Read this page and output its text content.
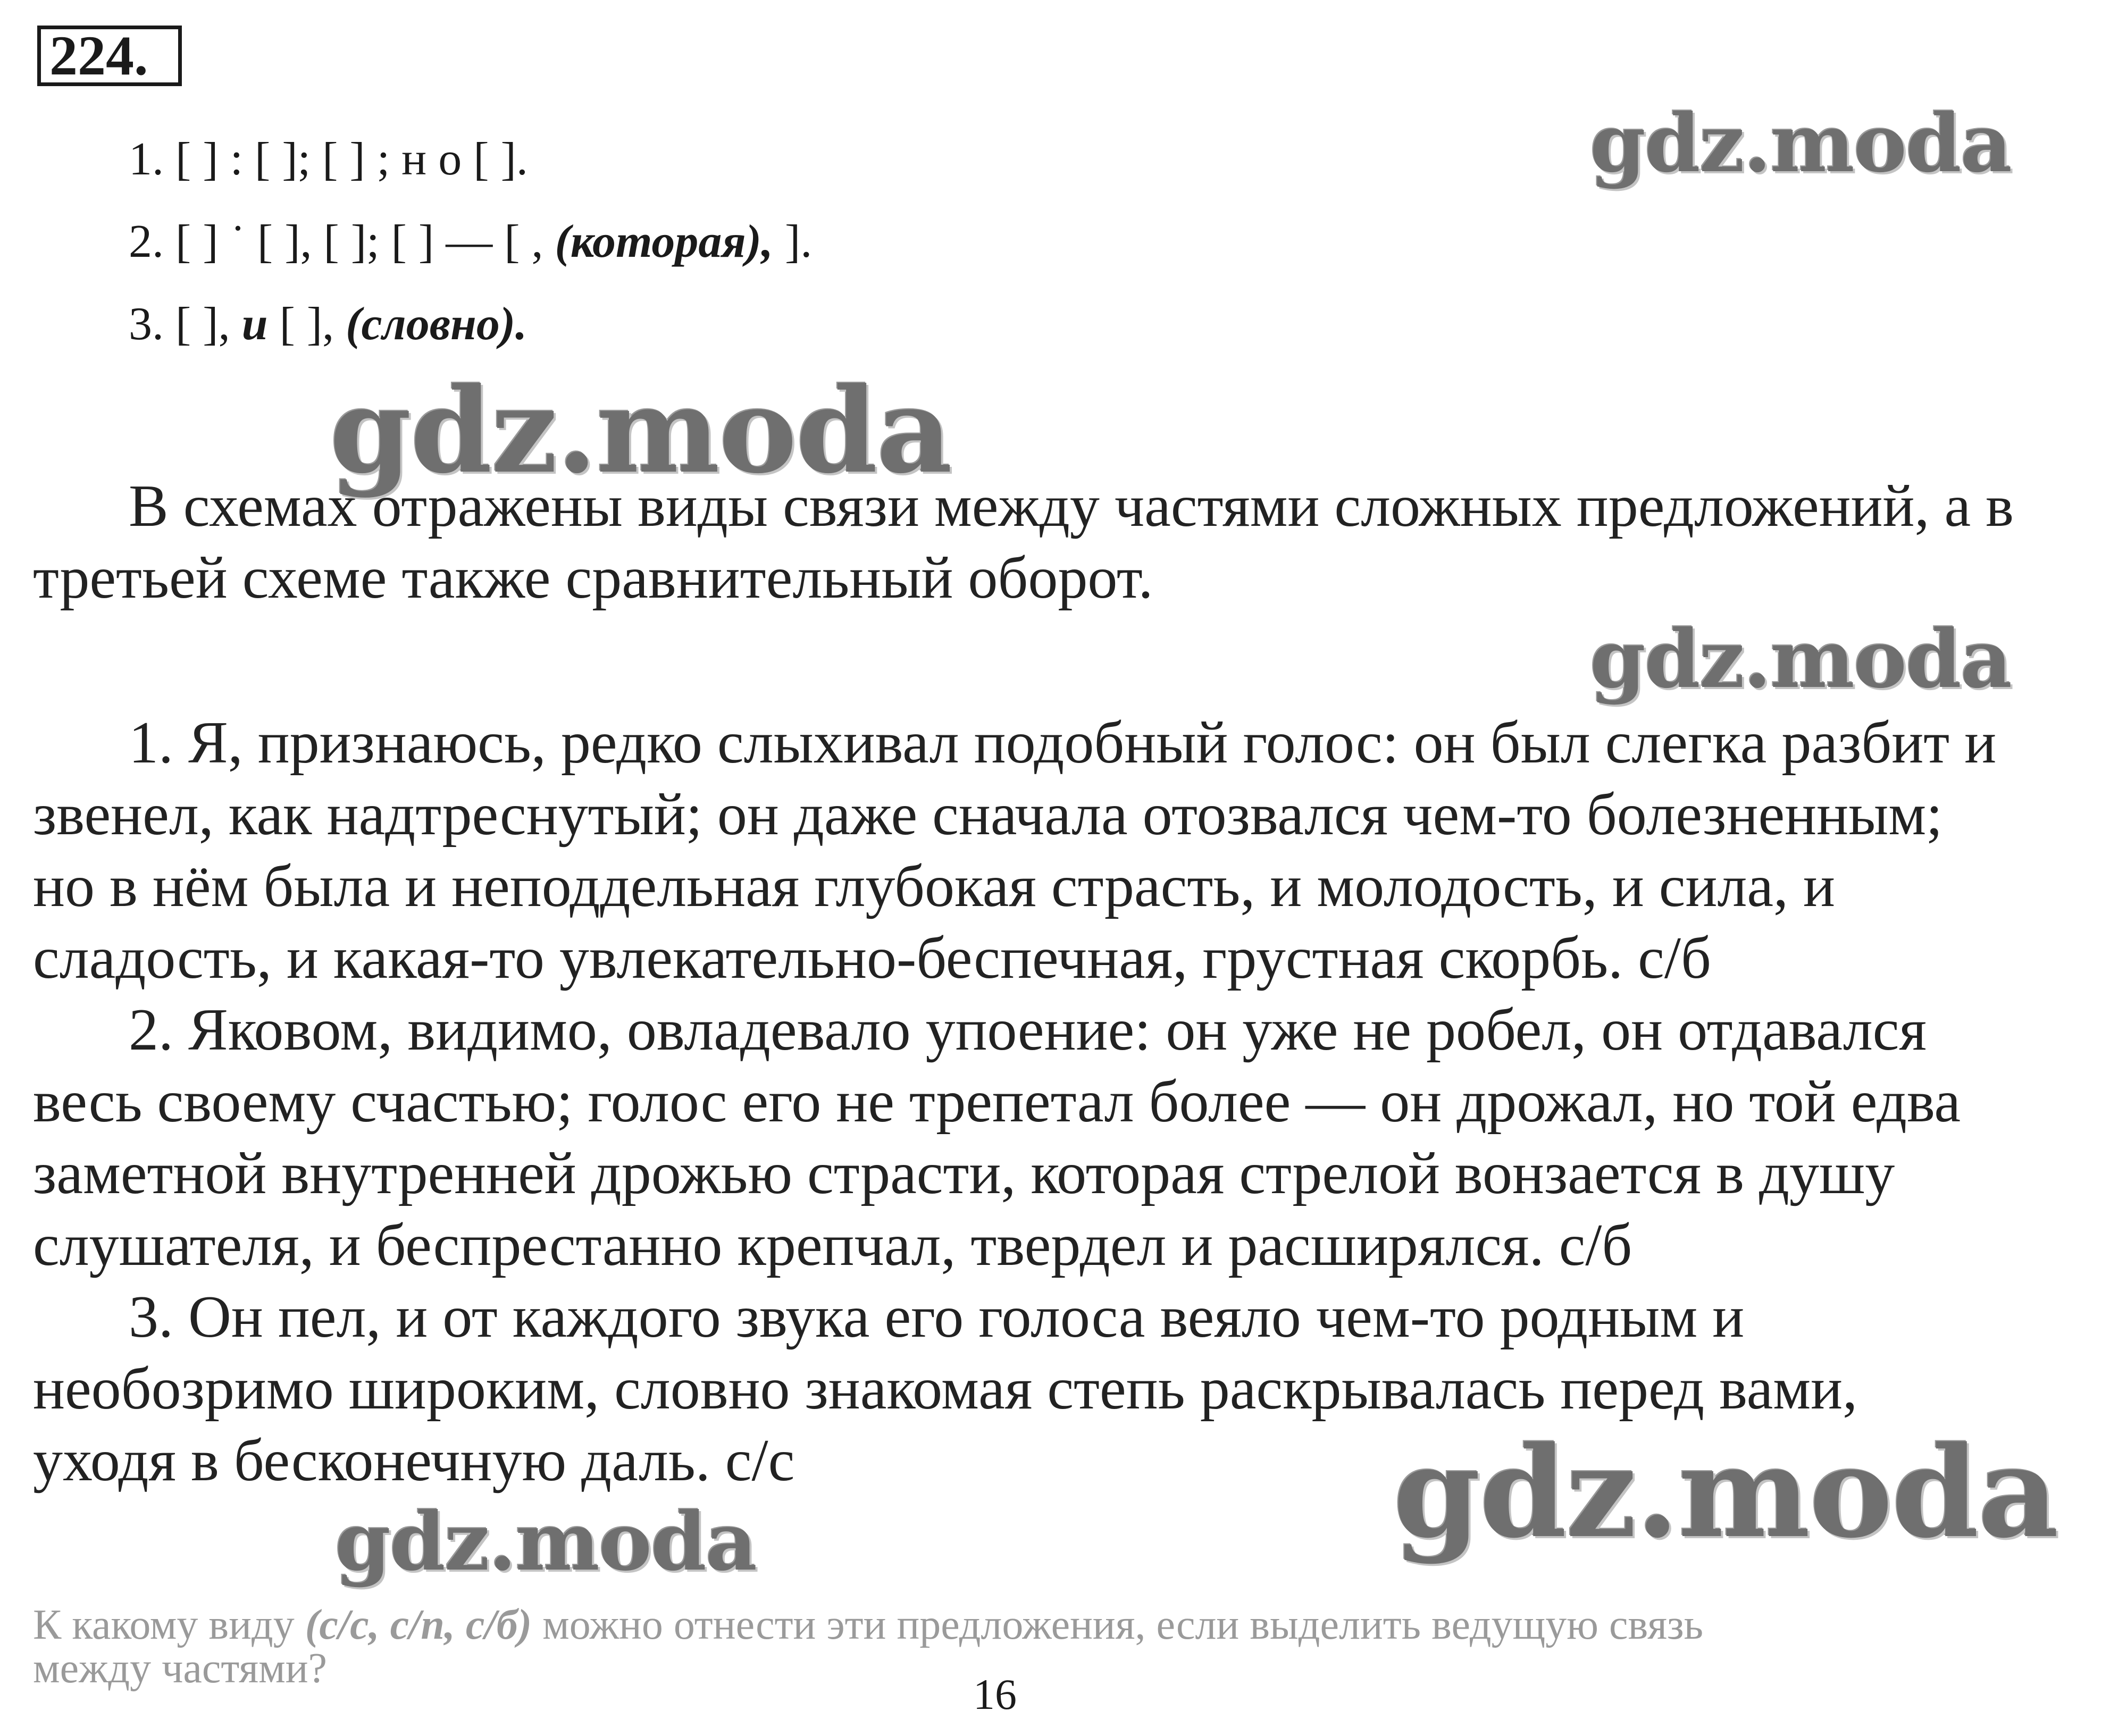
224.
1. [ ] : [ ]; [ ] ; н о [ ].
2. [ ] ˙ [ ], [ ]; [ ] — [ , (которая), ].
3. [ ], и [ ], (словно).
В схемах отражены виды связи между частями сложных предложений, а в
третьей схеме также сравнительный оборот.
1. Я, признаюсь, редко слыхивал подобный голос: он был слегка разбит и
звенел, как надтреснутый; он даже сначала отозвался чем-то болезненным;
но в нём была и неподдельная глубокая страсть, и молодость, и сила, и
сладость, и какая-то увлекательно-беспечная, грустная скорбь. с/б
2. Яковом, видимо, овладевало упоение: он уже не робел, он отдавался
весь своему счастью; голос его не трепетал более — он дрожал, но той едва
заметной внутренней дрожью страсти, которая стрелой вонзается в душу
слушателя, и беспрестанно крепчал, твердел и расширялся. с/б
3. Он пел, и от каждого звука его голоса веяло чем-то родным и
необозримо широким, словно знакомая степь раскрывалась перед вами,
уходя в бесконечную даль. с/с
gdz.moda
gdz.moda
gdz.moda
gdz.moda
gdz.moda
К какому виду (с/с, с/п, с/б) можно отнести эти предложения, если выделить ведущую связь
между частями?
16
